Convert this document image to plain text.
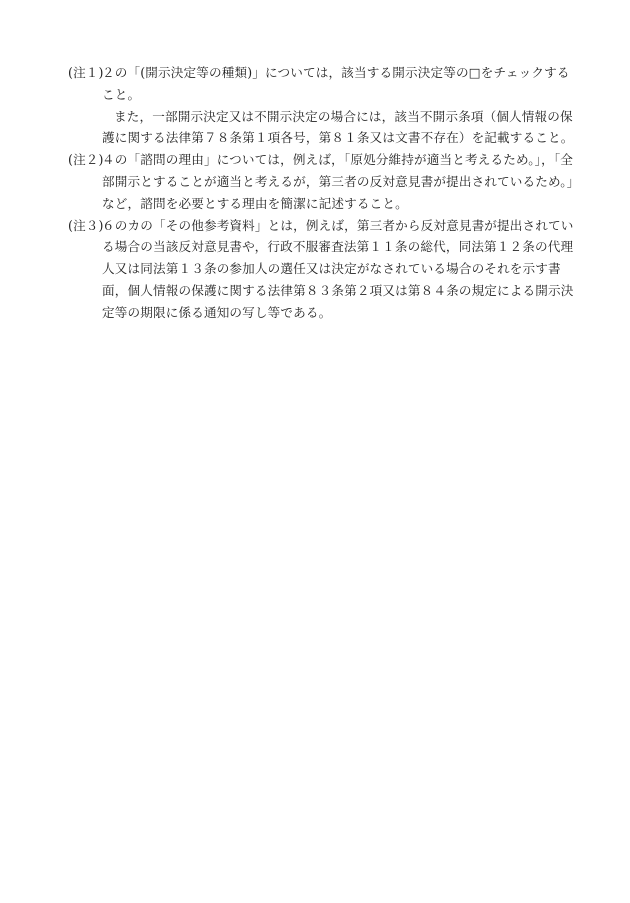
(注１)２の「(開示決定等の種類)」については，該当する開示決定等の□をチェックすること。

また，一部開示決定又は不開示決定の場合には，該当不開示条項（個人情報の保護に関する法律第７８条第１項各号，第８１条又は文書不存在）を記載すること。

(注２)４の「諮問の理由」については，例えば，「原処分維持が適当と考えるため。」，「全部開示とすることが適当と考えるが，第三者の反対意見書が提出されているため。」など，諮問を必要とする理由を簡潔に記述すること。

(注３)６のカの「その他参考資料」とは，例えば，第三者から反対意見書が提出されている場合の当該反対意見書や，行政不服審査法第１１条の総代，同法第１２条の代理人又は同法第１３条の参加人の選任又は決定がなされている場合のそれを示す書面，個人情報の保護に関する法律第８３条第２項又は第８４条の規定による開示決定等の期限に係る通知の写し等である。
